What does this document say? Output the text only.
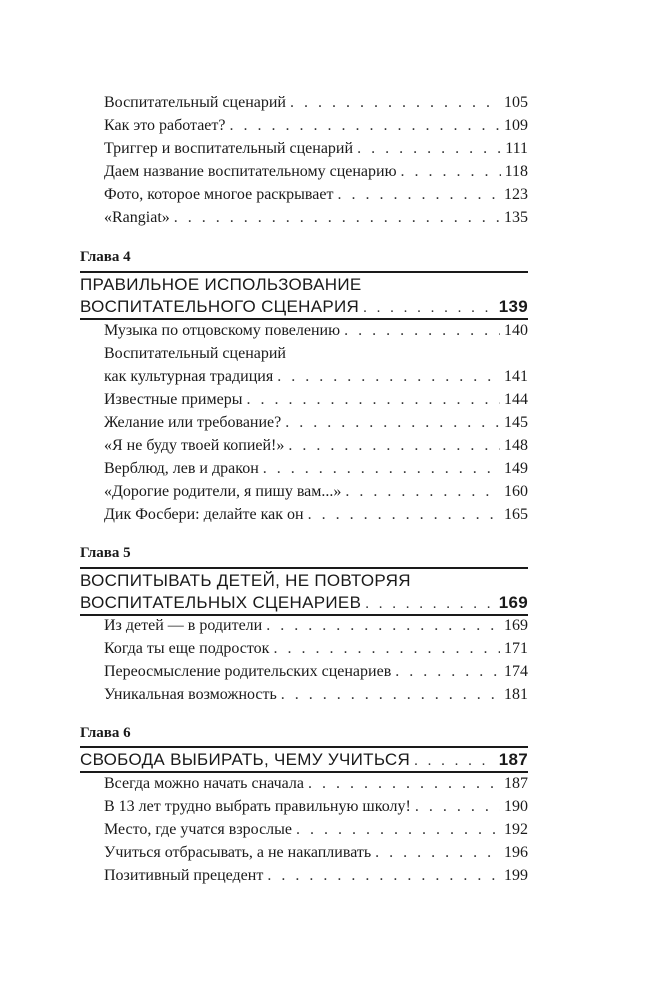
Воспитательный сценарий . . .	105
Как это работает? . . .	109
Триггер и воспитательный сценарий . . .	111
Даем название воспитательному сценарию . . .	118
Фото, которое многое раскрывает . . .	123
«Rangiat» . . .	135
Глава 4
ПРАВИЛЬНОЕ ИСПОЛЬЗОВАНИЕ
ВОСПИТАТЕЛЬНОГО СЦЕНАРИЯ . . .	139
Музыка по отцовскому повелению . . .	140
Воспитательный сценарий
как культурная традиция . . .	141
Известные примеры . . .	144
Желание или требование? . . .	145
«Я не буду твоей копией!» . . .	148
Верблюд, лев и дракон . . .	149
«Дорогие родители, я пишу вам...» . . .	160
Дик Фосбери: делайте как он . . .	165
Глава 5
ВОСПИТЫВАТЬ ДЕТЕЙ, НЕ ПОВТОРЯЯ
ВОСПИТАТЕЛЬНЫХ СЦЕНАРИЕВ . . .	169
Из детей — в родители . . .	169
Когда ты еще подросток . . .	171
Переосмысление родительских сценариев . . .	174
Уникальная возможность . . .	181
Глава 6
СВОБОДА ВЫБИРАТЬ, ЧЕМУ УЧИТЬСЯ . . .	187
Всегда можно начать сначала . . .	187
В 13 лет трудно выбрать правильную школу! . . .	190
Место, где учатся взрослые . . .	192
Учиться отбрасывать, а не накапливать . . .	196
Позитивный прецедент . . .	199
